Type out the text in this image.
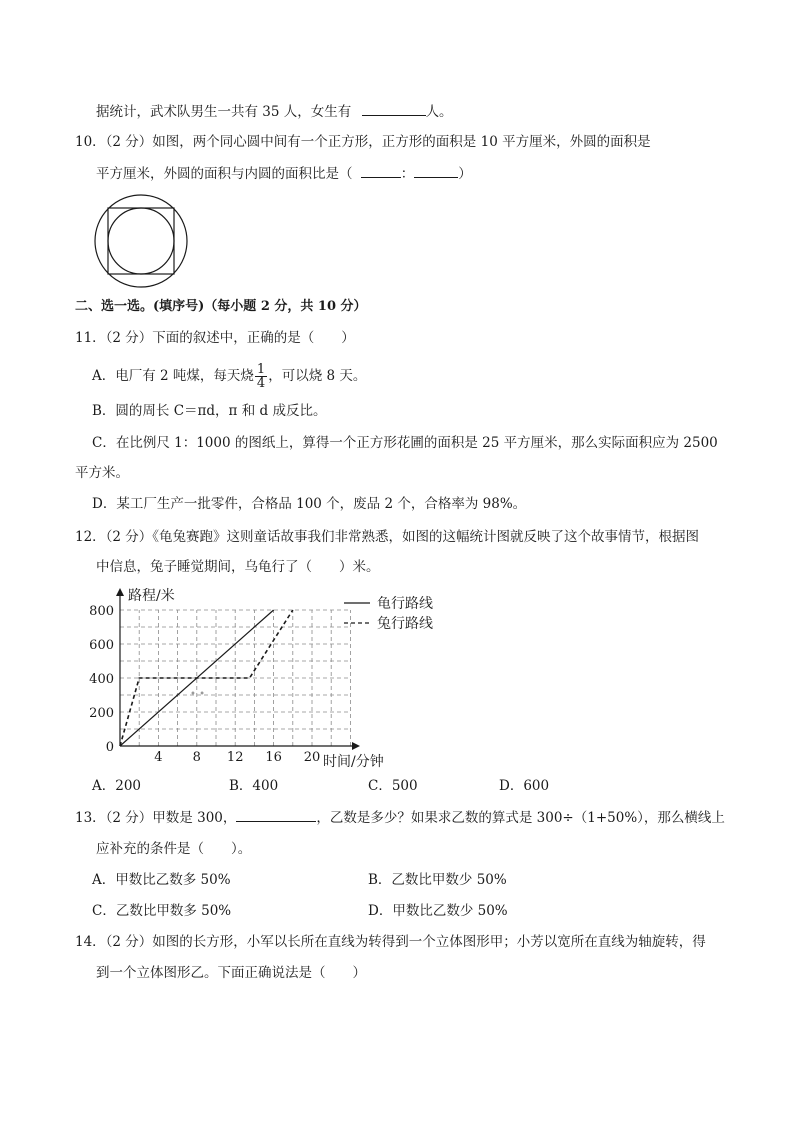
据统计，武术队男生一共有 35 人，女生有	人。
10．（2 分）如图，两个同心圆中间有一个正方形，正方形的面积是 10 平方厘米，外圆的面积是
平方厘米，外圆的面积与内圆的面积比是（	：	）
二、选一选。(填序号)（每小题 2 分，共 10 分）
11．（2 分）下面的叙述中，正确的是（　　）
A．电厂有 2 吨煤，每天烧 $\frac{1}{4}$ ，可以烧 8 天。
B．圆的周长 C＝πd，π 和 d 成反比。
C．在比例尺 1：1000 的图纸上，算得一个正方形花圃的面积是 25 平方厘米，那么实际面积应为 2500
平方米。
D．某工厂生产一批零件，合格品 100 个，废品 2 个，合格率为 98%。
12．（2 分）《龟兔赛跑》这则童话故事我们非常熟悉，如图的这幅统计图就反映了这个故事情节，根据图
中信息，兔子睡觉期间，乌龟行了（　　）米。
4 8 12 16 20
800
600
400
200
0
路程/米
时间/分钟
龟行路线
兔行路线
• •
A．200	B．400	C．500	D．600
13．（2 分）甲数是 300，	，乙数是多少？如果求乙数的算式是 300÷（1+50%），那么横线上
应补充的条件是（　　）。
A．甲数比乙数多 50%	B．乙数比甲数少 50%
C．乙数比甲数多 50%	D．甲数比乙数少 50%
14．（2 分）如图的长方形，小军以长所在直线为转得到一个立体图形甲；小芳以宽所在直线为轴旋转，得
到一个立体图形乙。下面正确说法是（　　）
